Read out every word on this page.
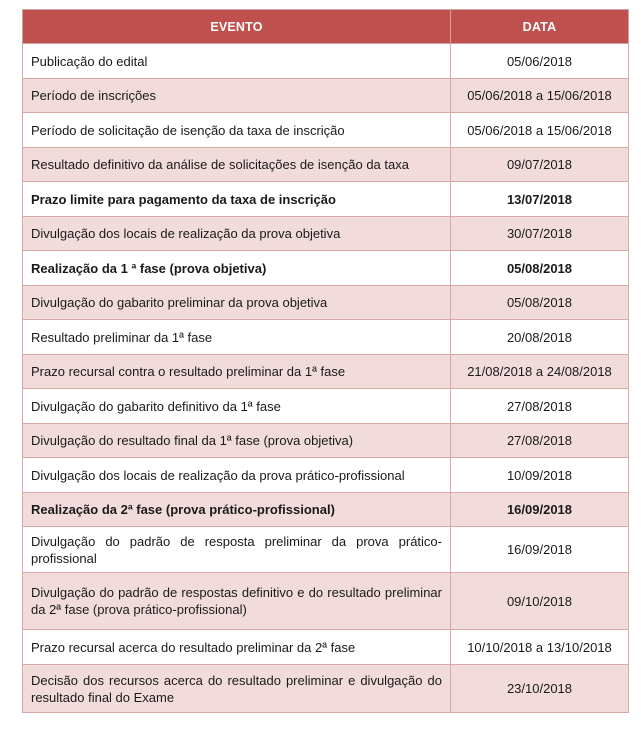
EVENTO	DATA
Publicação do edital	05/06/2018
Período de inscrições	05/06/2018 a 15/06/2018
Período de solicitação de isenção da taxa de inscrição	05/06/2018 a 15/06/2018
Resultado definitivo da análise de solicitações de isenção da taxa	09/07/2018
Prazo limite para pagamento da taxa de inscrição	13/07/2018
Divulgação dos locais de realização da prova objetiva	30/07/2018
Realização da 1 ª fase (prova objetiva)	05/08/2018
Divulgação do gabarito preliminar da prova objetiva	05/08/2018
Resultado preliminar da 1ª fase	20/08/2018
Prazo recursal contra o resultado preliminar da 1ª fase	21/08/2018 a 24/08/2018
Divulgação do gabarito definitivo da 1ª fase	27/08/2018
Divulgação do resultado final da 1ª fase (prova objetiva)	27/08/2018
Divulgação dos locais de realização da prova prático-profissional	10/09/2018
Realização da 2ª fase (prova prático-profissional)	16/09/2018
Divulgação do padrão de resposta preliminar da prova prático-profissional	16/09/2018
Divulgação do padrão de respostas definitivo e do resultado preliminar da 2ª fase (prova prático-profissional)	09/10/2018
Prazo recursal acerca do resultado preliminar da 2ª fase	10/10/2018 a 13/10/2018
Decisão dos recursos acerca do resultado preliminar e divulgação do resultado final do Exame	23/10/2018
